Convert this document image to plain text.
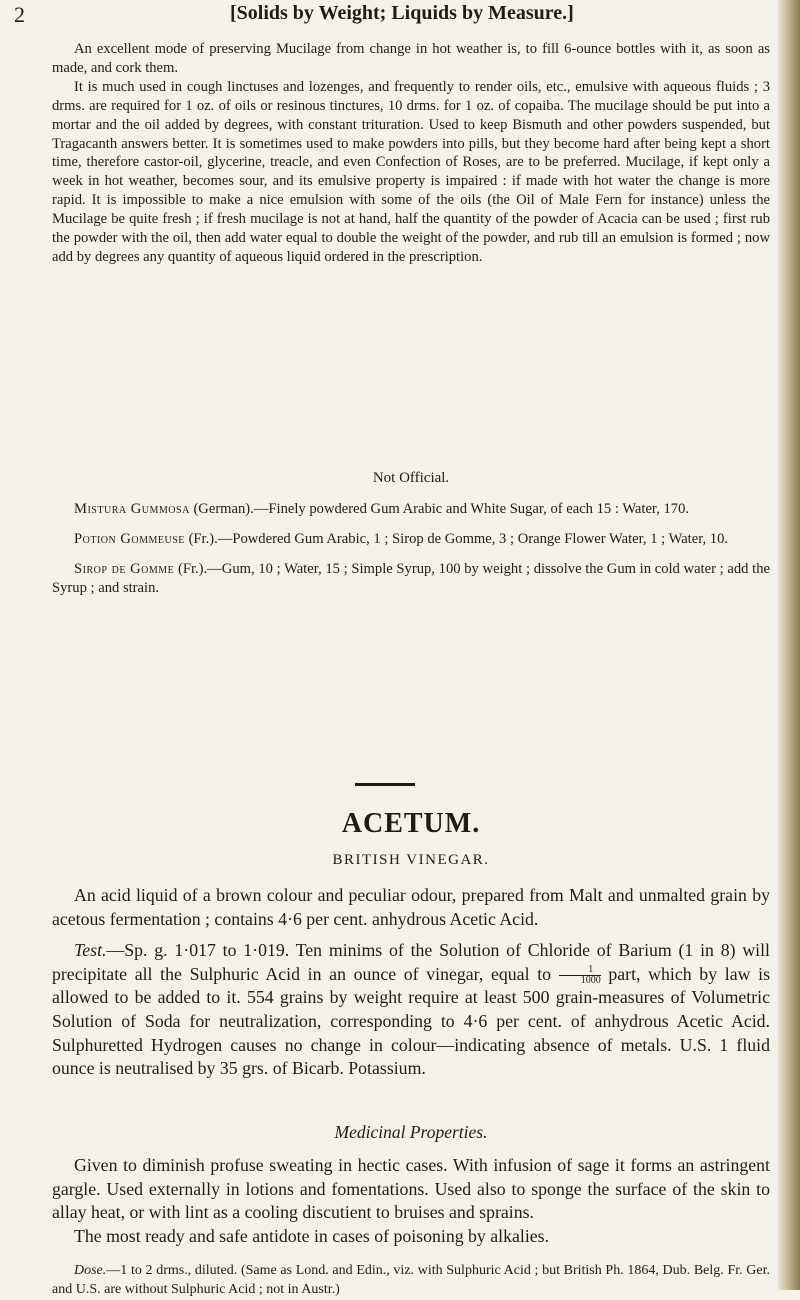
2	[Solids by Weight; Liquids by Measure.]

An excellent mode of preserving Mucilage from change in hot weather is, to fill 6-ounce bottles with it, as soon as made, and cork them.

It is much used in cough linctuses and lozenges, and frequently to render oils, etc., emulsive with aqueous fluids ; 3 drms. are required for 1 oz. of oils or resinous tinctures, 10 drms. for 1 oz. of copaiba. The mucilage should be put into a mortar and the oil added by degrees, with constant trituration. Used to keep Bismuth and other powders suspended, but Tragacanth answers better. It is sometimes used to make powders into pills, but they become hard after being kept a short time, therefore castor-oil, glycerine, treacle, and even Confection of Roses, are to be preferred. Mucilage, if kept only a week in hot weather, becomes sour, and its emulsive property is impaired : if made with hot water the change is more rapid. It is impossible to make a nice emulsion with some of the oils (the Oil of Male Fern for instance) unless the Mucilage be quite fresh ; if fresh mucilage is not at hand, half the quantity of the powder of Acacia can be used ; first rub the powder with the oil, then add water equal to double the weight of the powder, and rub till an emulsion is formed ; now add by degrees any quantity of aqueous liquid ordered in the prescription.

Not Official.

Mistura Gummosa (German).—Finely powdered Gum Arabic and White Sugar, of each 15 : Water, 170.

Potion Gommeuse (Fr.).—Powdered Gum Arabic, 1 ; Sirop de Gomme, 3 ; Orange Flower Water, 1 ; Water, 10.

Sirop de Gomme (Fr.).—Gum, 10 ; Water, 15 ; Simple Syrup, 100 by weight ; dissolve the Gum in cold water ; add the Syrup ; and strain.

ACETUM.
BRITISH VINEGAR.

An acid liquid of a brown colour and peculiar odour, prepared from Malt and unmalted grain by acetous fermentation ; contains 4·6 per cent. anhydrous Acetic Acid.

Test.—Sp. g. 1·017 to 1·019. Ten minims of the Solution of Chloride of Barium (1 in 8) will precipitate all the Sulphuric Acid in an ounce of vinegar, equal to $\frac{1}{1000}$ part, which by law is allowed to be added to it. 554 grains by weight require at least 500 grain-measures of Volumetric Solution of Soda for neutralization, corresponding to 4·6 per cent. of anhydrous Acetic Acid. Sulphuretted Hydrogen causes no change in colour—indicating absence of metals. U.S. 1 fluid ounce is neutralised by 35 grs. of Bicarb. Potassium.

Medicinal Properties.

Given to diminish profuse sweating in hectic cases. With infusion of sage it forms an astringent gargle. Used externally in lotions and fomentations. Used also to sponge the surface of the skin to allay heat, or with lint as a cooling discutient to bruises and sprains.

The most ready and safe antidote in cases of poisoning by alkalies.

Dose.—1 to 2 drms., diluted. (Same as Lond. and Edin., viz. with Sulphuric Acid ; but British Ph. 1864, Dub. Belg. Fr. Ger. and U.S. are without Sulphuric Acid ; not in Austr.)
